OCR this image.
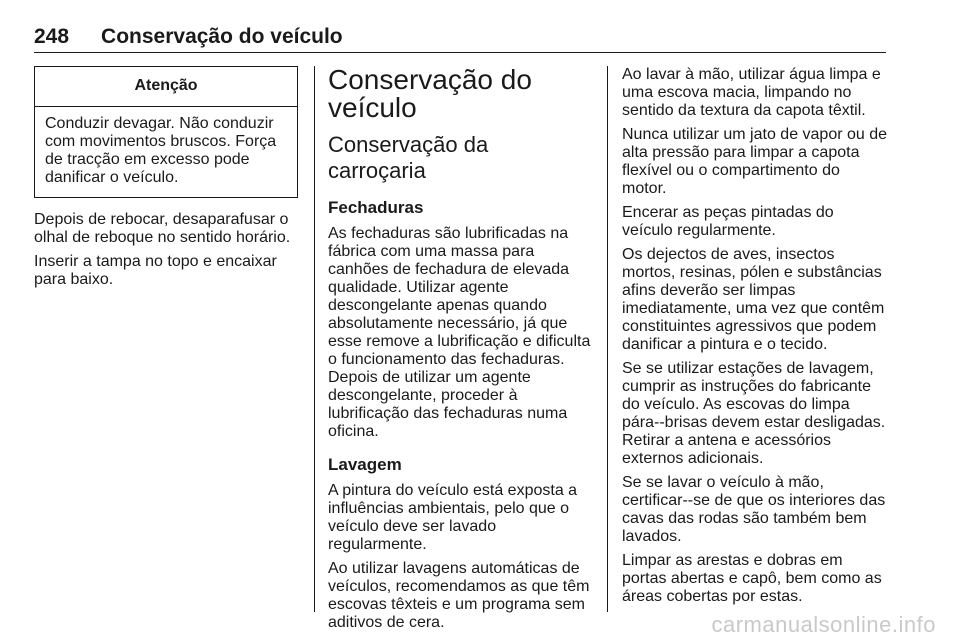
248 Conservação do veículo
Atenção
Conduzir devagar. Não conduzir com movimentos bruscos. Força de tracção em excesso pode danificar o veículo.

Depois de rebocar, desaparafusar o olhal de reboque no sentido horário.

Inserir a tampa no topo e encaixar para baixo.

Conservação do veículo
Conservação da carroçaria
Fechaduras

As fechaduras são lubrificadas na fábrica com uma massa para canhões de fechadura de elevada qualidade. Utilizar agente descongelante apenas quando absolutamente necessário, já que esse remove a lubrificação e dificulta o funcionamento das fechaduras. Depois de utilizar um agente descongelante, proceder à lubrificação das fechaduras numa oficina.

Lavagem

A pintura do veículo está exposta a influências ambientais, pelo que o veículo deve ser lavado regularmente.

Ao utilizar lavagens automáticas de veículos, recomendamos as que têm escovas têxteis e um programa sem aditivos de cera.

Ao lavar à mão, utilizar água limpa e uma escova macia, limpando no sentido da textura da capota têxtil.

Nunca utilizar um jato de vapor ou de alta pressão para limpar a capota flexível ou o compartimento do motor.

Encerar as peças pintadas do veículo regularmente.

Os dejectos de aves, insectos mortos, resinas, pólen e substâncias afins deverão ser limpas imediatamente, uma vez que contêm constituintes agressivos que podem danificar a pintura e o tecido.

Se se utilizar estações de lavagem, cumprir as instruções do fabricante do veículo. As escovas do limpa pára--brisas devem estar desligadas. Retirar a antena e acessórios externos adicionais.

Se se lavar o veículo à mão, certificar--se de que os interiores das cavas das rodas são também bem lavados.

Limpar as arestas e dobras em portas abertas e capô, bem como as áreas cobertas por estas.

carmanualsonline.info
